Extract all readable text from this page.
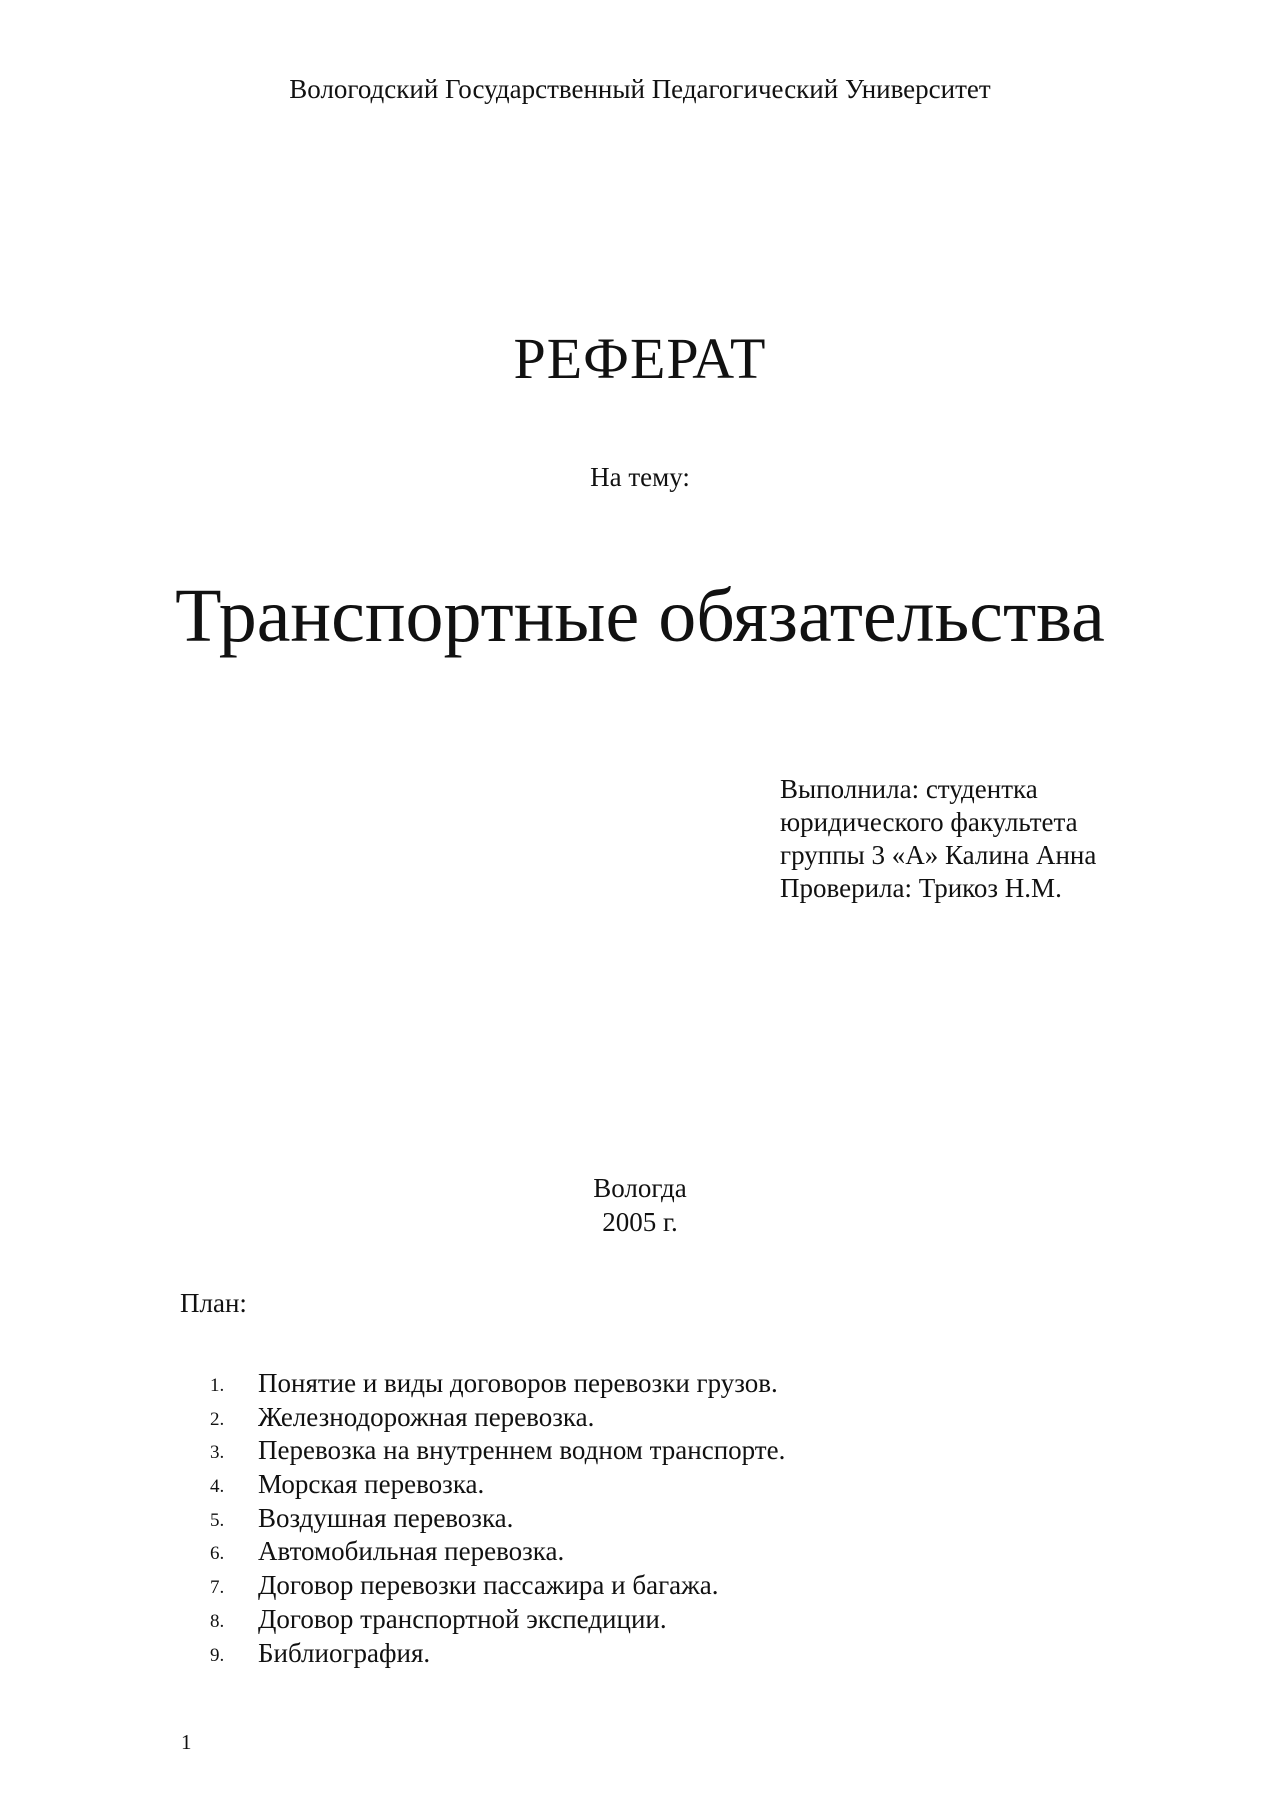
Вологодский Государственный Педагогический Университет
РЕФЕРАТ
На тему:
Транспортные обязательства
Выполнила: студентка
юридического факультета
группы 3 «А» Калина Анна
Проверила: Трикоз Н.М.
Вологда
2005 г.
План:
1.	Понятие и виды договоров перевозки грузов.
2.	Железнодорожная перевозка.
3.	Перевозка на внутреннем водном транспорте.
4.	Морская перевозка.
5.	Воздушная перевозка.
6.	Автомобильная перевозка.
7.	Договор перевозки пассажира и багажа.
8.	Договор транспортной экспедиции.
9.	Библиография.
1
